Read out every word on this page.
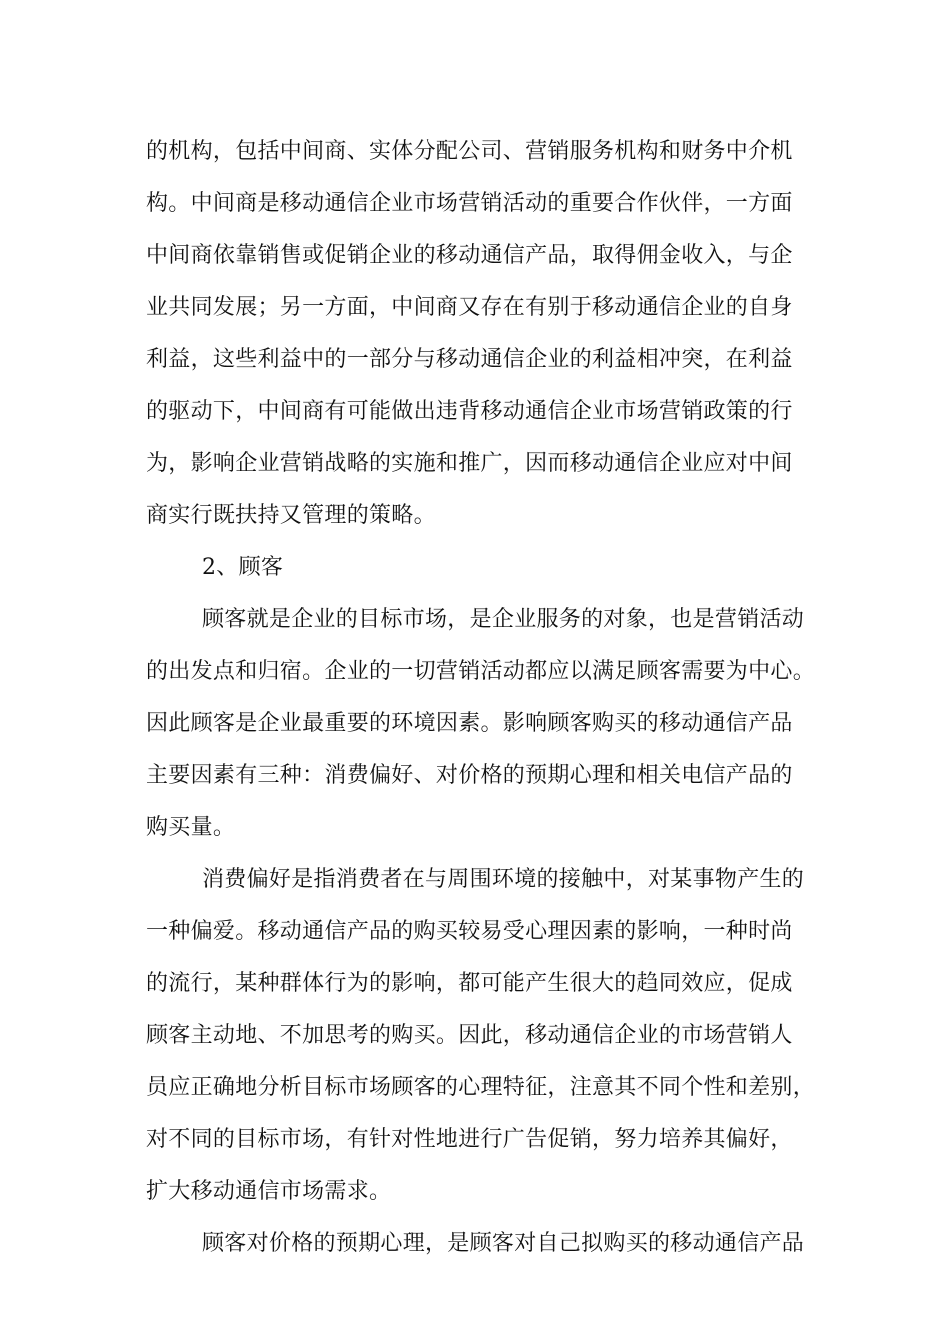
的机构，包括中间商、实体分配公司、营销服务机构和财务中介机
构。中间商是移动通信企业市场营销活动的重要合作伙伴，一方面
中间商依靠销售或促销企业的移动通信产品，取得佣金收入，与企
业共同发展；另一方面，中间商又存在有别于移动通信企业的自身
利益，这些利益中的一部分与移动通信企业的利益相冲突，在利益
的驱动下，中间商有可能做出违背移动通信企业市场营销政策的行
为，影响企业营销战略的实施和推广，因而移动通信企业应对中间
商实行既扶持又管理的策略。
2、顾客
顾客就是企业的目标市场，是企业服务的对象，也是营销活动
的出发点和归宿。企业的一切营销活动都应以满足顾客需要为中心。
因此顾客是企业最重要的环境因素。影响顾客购买的移动通信产品
主要因素有三种：消费偏好、对价格的预期心理和相关电信产品的
购买量。
消费偏好是指消费者在与周围环境的接触中，对某事物产生的
一种偏爱。移动通信产品的购买较易受心理因素的影响，一种时尚
的流行，某种群体行为的影响，都可能产生很大的趋同效应，促成
顾客主动地、不加思考的购买。因此，移动通信企业的市场营销人
员应正确地分析目标市场顾客的心理特征，注意其不同个性和差别，
对不同的目标市场，有针对性地进行广告促销，努力培养其偏好，
扩大移动通信市场需求。
顾客对价格的预期心理，是顾客对自己拟购买的移动通信产品
